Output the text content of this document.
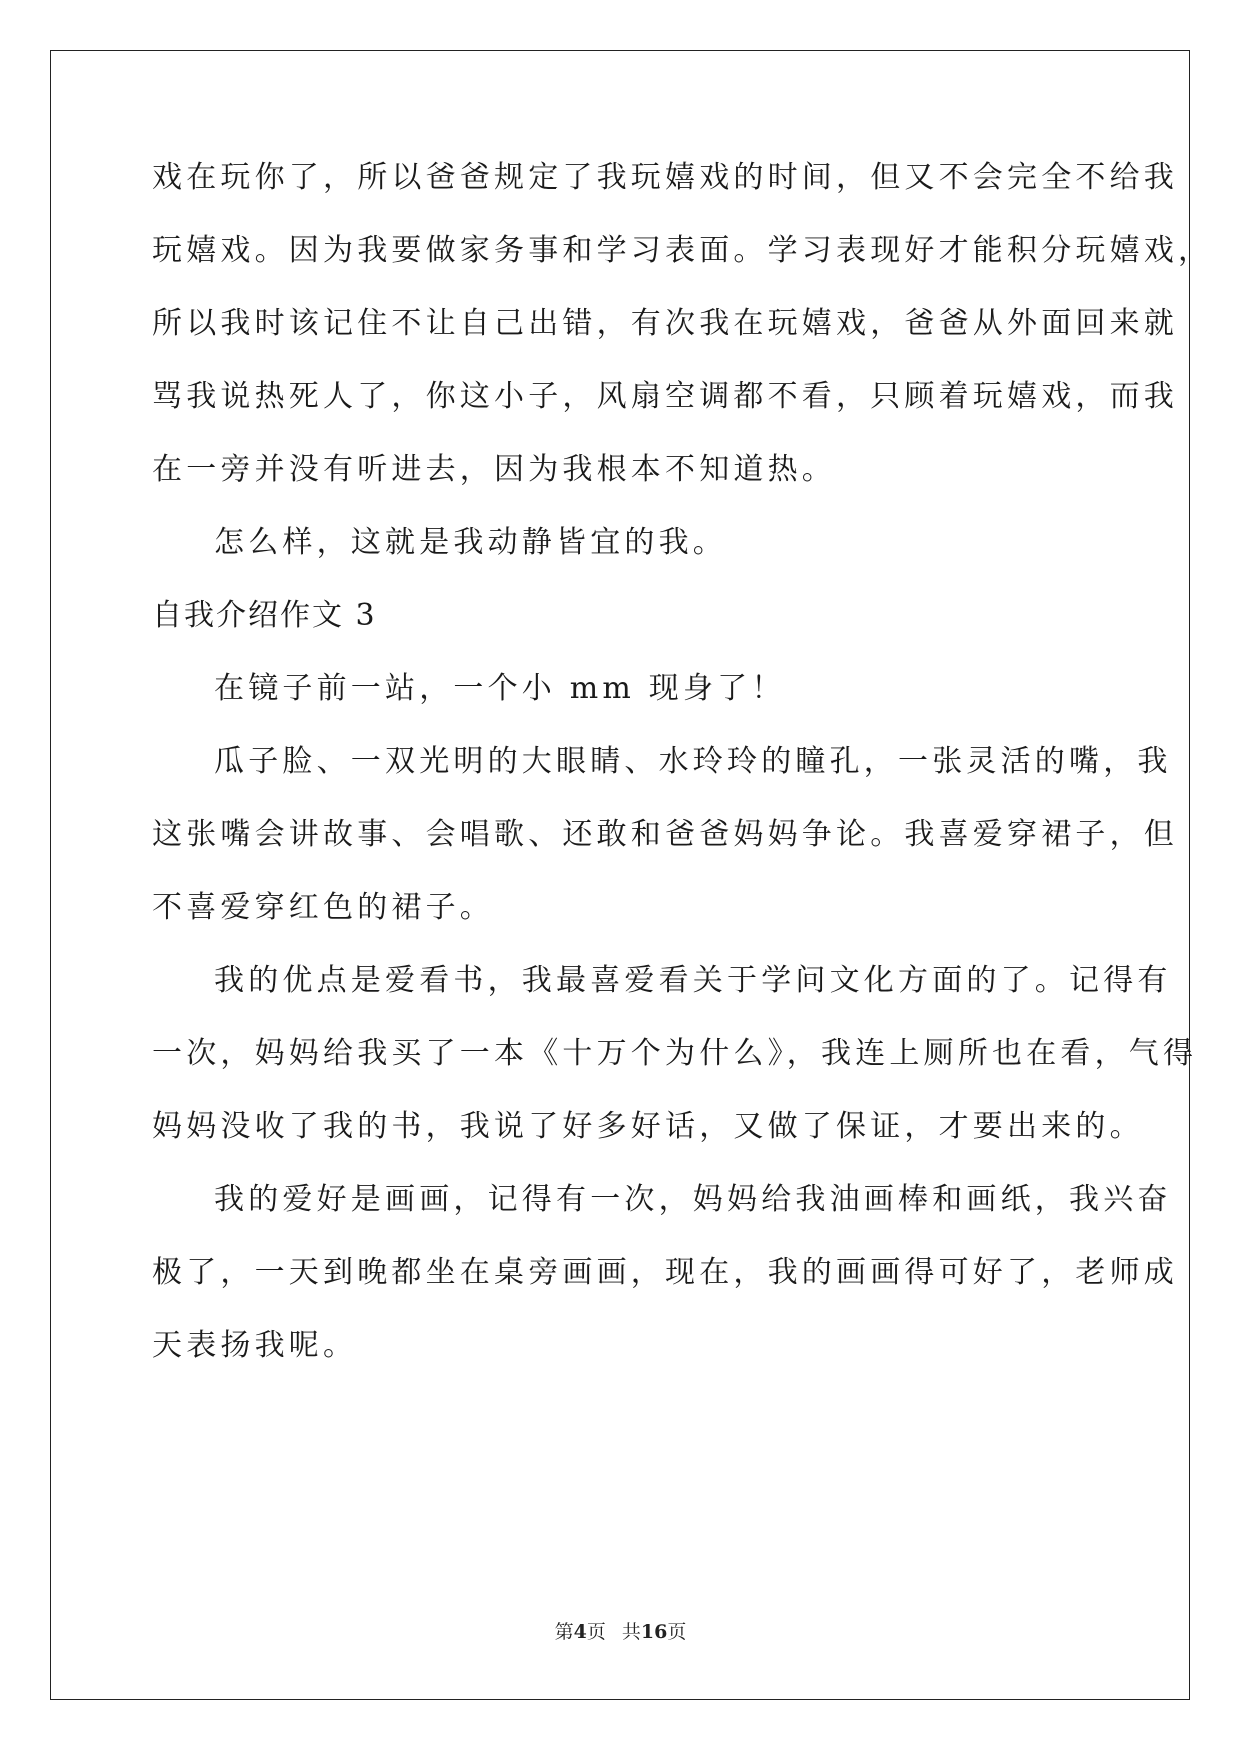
戏在玩你了，所以爸爸规定了我玩嬉戏的时间，但又不会完全不给我
玩嬉戏。因为我要做家务事和学习表面。学习表现好才能积分玩嬉戏，
所以我时该记住不让自己出错，有次我在玩嬉戏，爸爸从外面回来就
骂我说热死人了，你这小子，风扇空调都不看，只顾着玩嬉戏，而我
在一旁并没有听进去，因为我根本不知道热。
怎么样，这就是我动静皆宜的我。
自我介绍作文 3
在镜子前一站，一个小 mm 现身了！
瓜子脸、一双光明的大眼睛、水玲玲的瞳孔，一张灵活的嘴，我
这张嘴会讲故事、会唱歌、还敢和爸爸妈妈争论。我喜爱穿裙子，但
不喜爱穿红色的裙子。
我的优点是爱看书，我最喜爱看关于学问文化方面的了。记得有
一次，妈妈给我买了一本《十万个为什么》，我连上厕所也在看，气得
妈妈没收了我的书，我说了好多好话，又做了保证，才要出来的。
我的爱好是画画，记得有一次，妈妈给我油画棒和画纸，我兴奋
极了，一天到晚都坐在桌旁画画，现在，我的画画得可好了，老师成
天表扬我呢。
第4页 共16页
